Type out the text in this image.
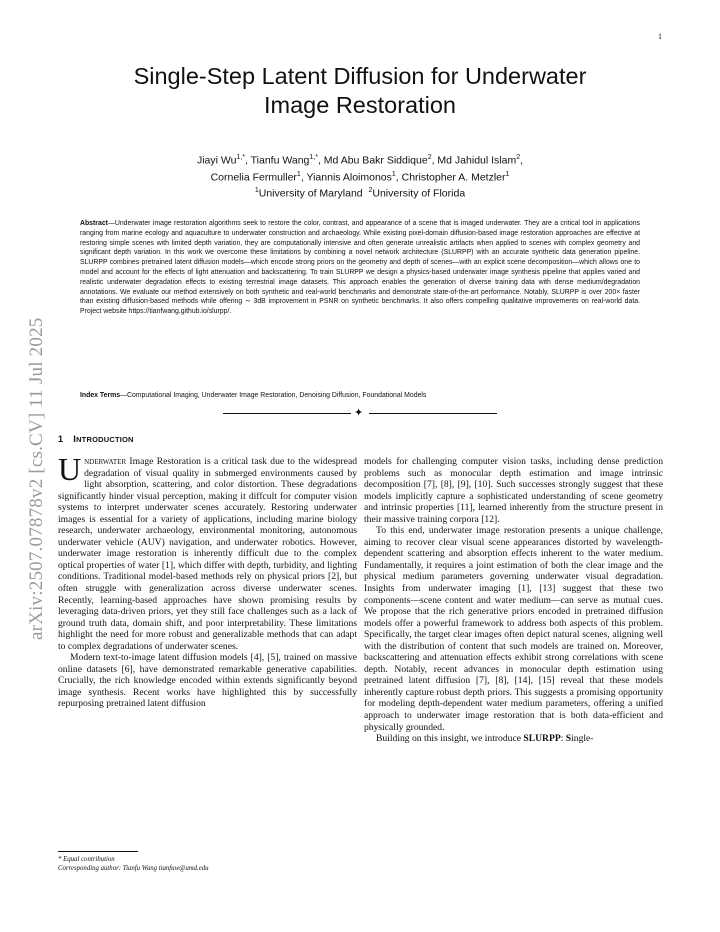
1
arXiv:2507.07878v2 [cs.CV] 11 Jul 2025
Single-Step Latent Diffusion for Underwater
Image Restoration
Jiayi $Wu^{1,*}$, Tianfu Wang$^{1,*}$, Md Abu Bakr Siddique$^2$, Md Jahidul Islam$^2$,
Cornelia Fermuller$^1$, Yiannis Aloimonos$^1$, Christopher A. Metzler$^1$
$^1$University of Maryland $^2$University of Florida

Abstract—Underwater image restoration algorithms seek to restore the color, contrast, and appearance of a scene that is imaged underwater. They are a critical tool in applications ranging from marine ecology and aquaculture to underwater construction and archaeology. While existing pixel-domain diffusion-based image restoration approaches are effective at restoring simple scenes with limited depth variation, they are computationally intensive and often generate unrealistic artifacts when applied to scenes with complex geometry and significant depth variation. In this work we overcome these limitations by combining a novel network architecture (SLURPP) with an accurate synthetic data generation pipeline. SLURPP combines pretrained latent diffusion models—which encode strong priors on the geometry and depth of scenes—with an explicit scene decomposition—which allows one to model and account for the effects of light attenuation and backscattering. To train SLURPP we design a physics-based underwater image synthesis pipeline that applies varied and realistic underwater degradation effects to existing terrestrial image datasets. This approach enables the generation of diverse training data with dense medium/degradation annotations. We evaluate our method extensively on both synthetic and real-world benchmarks and demonstrate state-of-the-art performance. Notably, SLURPP is over 200× faster than existing diffusion-based methods while offering ∼ 3dB improvement in PSNR on synthetic benchmarks. It also offers compelling qualitative improvements on real-world data. Project website https://tianfwang.github.io/slurpp/.

Index Terms—Computational Imaging, Underwater Image Restoration, Denoising Diffusion, Foundational Models
✦
1 INTRODUCTION

Underwater Image Restoration is a critical task due to the widespread degradation of visual quality in submerged environments caused by light absorption, scattering, and color distortion. These degradations significantly hinder visual perception, making it diffcult for computer vision systems to interpret underwater scenes accurately. Restoring underwater images is essential for a variety of applications, including marine biology research, underwater archaeology, environmental monitoring, autonomous underwater vehicle (AUV) navigation, and underwater robotics. However, underwater image restoration is inherently difficult due to the complex optical properties of water [1], which differ with depth, turbidity, and lighting conditions. Traditional model-based methods rely on physical priors [2], but often struggle with generalization across diverse underwater scenes. Recently, learning-based approaches have shown promising results by leveraging data-driven priors, yet they still face challenges such as a lack of ground truth data, domain shift, and poor interpretability. These limitations highlight the need for more robust and generalizable methods that can adapt to complex degradations of underwater scenes.

Modern text-to-image latent diffusion models [4], [5], trained on massive online datasets [6], have demonstrated remarkable generative capabilities. Crucially, the rich knowledge encoded within extends significantly beyond image synthesis. Recent works have highlighted this by successfully repurposing pretrained latent diffusion

models for challenging computer vision tasks, including dense prediction problems such as monocular depth estimation and image intrinsic decomposition [7], [8], [9], [10]. Such successes strongly suggest that these models implicitly capture a sophisticated understanding of scene geometry and intrinsic properties [11], learned inherently from the structure present in their massive training corpora [12].

To this end, underwater image restoration presents a unique challenge, aiming to recover clear visual scene appearances distorted by wavelength-dependent scattering and absorption effects inherent to the water medium. Fundamentally, it requires a joint estimation of both the clear image and the physical medium parameters governing underwater visual degradation. Insights from underwater imaging [1], [13] suggest that these two components—scene content and water medium—can serve as mutual cues. We propose that the rich generative priors encoded in pretrained diffusion models offer a powerful framework to address both aspects of this problem. Specifically, the target clear images often depict natural scenes, aligning well with the distribution of content that such models are trained on. Moreover, backscattering and attenuation effects exhibit strong correlations with scene depth. Notably, recent advances in monocular depth estimation using pretrained latent diffusion [7], [8], [14], [15] reveal that these models inherently capture robust depth priors. This suggests a promising opportunity for modeling depth-dependent water medium parameters, offering a unified approach to underwater image restoration that is both data-efficient and physically grounded.

Building on this insight, we introduce SLURPP: Single-

* Equal contribution
Corresponding author: Tianfu Wang tianfuw@umd.edu
